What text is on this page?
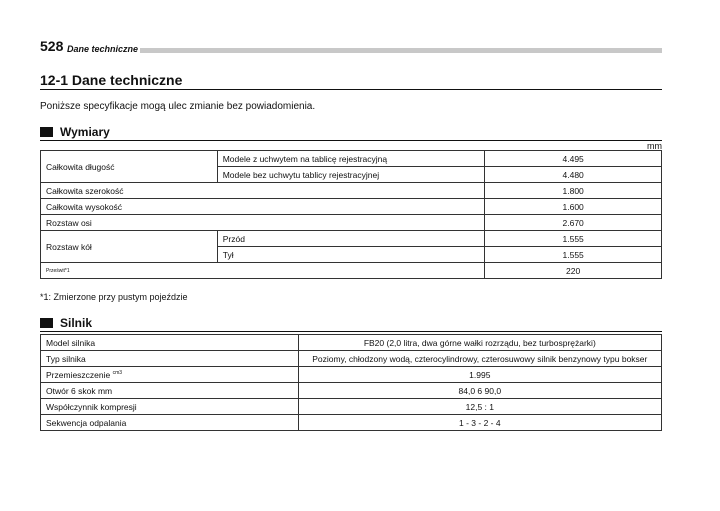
528 Dane techniczne
12-1 Dane techniczne
Poniższe specyfikacje mogą ulec zmianie bez powiadomienia.
Wymiary
mm
Całkowita długość	Modele z uchwytem na tablicę rejestracyjną	4.495
	Modele bez uchwytu tablicy rejestracyjnej	4.480
Całkowita szerokość		1.800
Całkowita wysokość		1.600
Rozstaw osi		2.670
Rozstaw kół	Przód	1.555
	Tył	1.555
Prześwit*1		220
*1: Zmierzone przy pustym pojeździe
Silnik
Model silnika	FB20 (2,0 litra, dwa górne wałki rozrządu, bez turbosprężarki)
Typ silnika	Poziomy, chłodzony wodą, czterocylindrowy, czterosuwowy silnik benzynowy typu bokser
Przemieszczenie $^{cm3}$	1.995
Otwór 6 skok mm	84,0 6 90,0
Współczynnik kompresji	12,5 : 1
Sekwencja odpalania	1 - 3 - 2 - 4
